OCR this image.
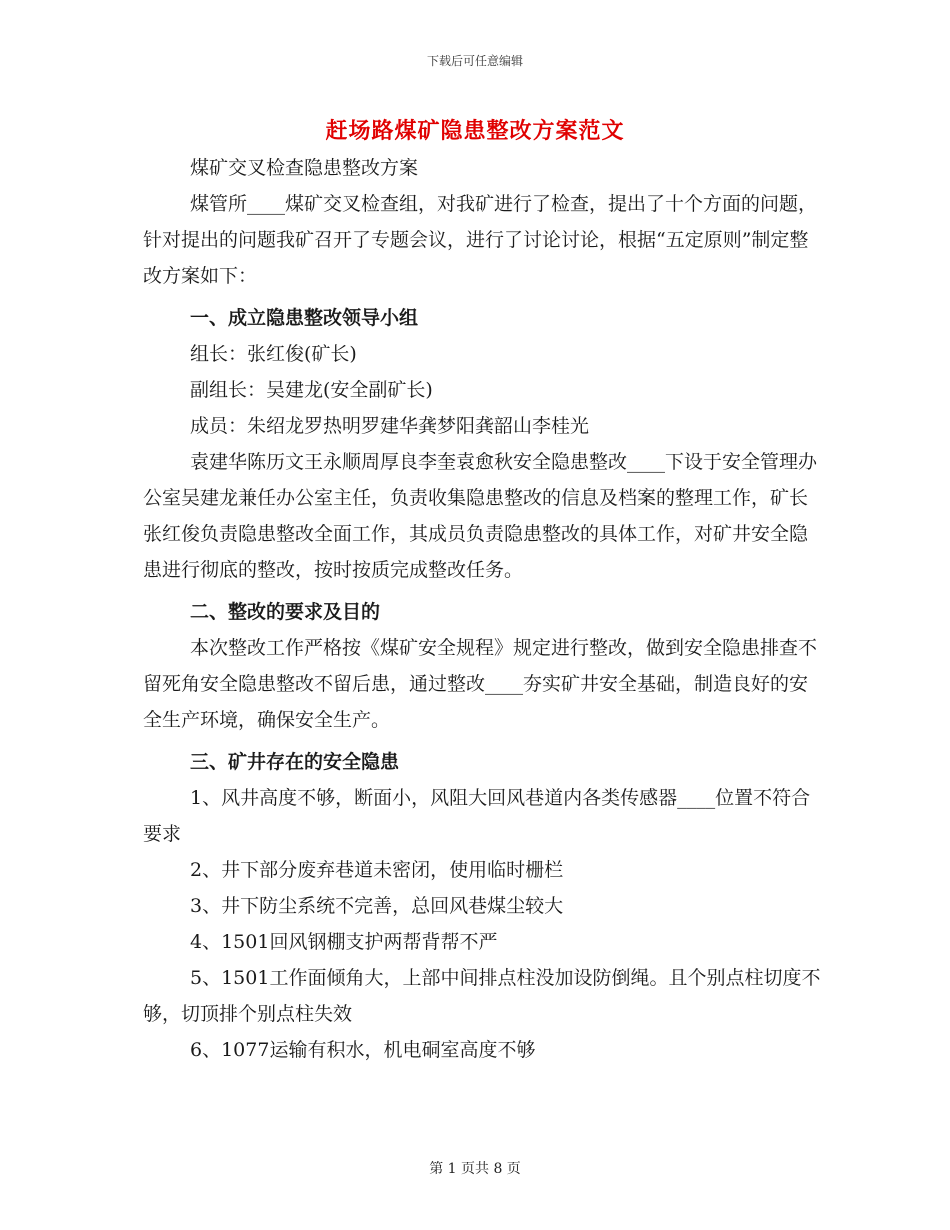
下载后可任意编辑
赶场路煤矿隐患整改方案范文

煤矿交叉检查隐患整改方案

煤管所____煤矿交叉检查组，对我矿进行了检查，提出了十个方面的问题，针对提出的问题我矿召开了专题会议，进行了讨论讨论，根据“五定原则”制定整改方案如下：

一、成立隐患整改领导小组

组长：张红俊(矿长)

副组长：吴建龙(安全副矿长)

成员：朱绍龙罗热明罗建华龚梦阳龚韶山李桂光

袁建华陈历文王永顺周厚良李奎袁愈秋安全隐患整改____下设于安全管理办公室吴建龙兼任办公室主任，负责收集隐患整改的信息及档案的整理工作，矿长张红俊负责隐患整改全面工作，其成员负责隐患整改的具体工作，对矿井安全隐患进行彻底的整改，按时按质完成整改任务。

二、整改的要求及目的

本次整改工作严格按《煤矿安全规程》规定进行整改，做到安全隐患排查不留死角安全隐患整改不留后患，通过整改____夯实矿井安全基础，制造良好的安全生产环境，确保安全生产。

三、矿井存在的安全隐患

1、风井高度不够，断面小，风阻大回风巷道内各类传感器____位置不符合要求

2、井下部分废弃巷道未密闭，使用临时栅栏

3、井下防尘系统不完善，总回风巷煤尘较大

4、1501回风钢棚支护两帮背帮不严

5、1501工作面倾角大，上部中间排点柱没加设防倒绳。且个别点柱切度不够，切顶排个别点柱失效

6、1077运输有积水，机电硐室高度不够

第 1 页共 8 页
